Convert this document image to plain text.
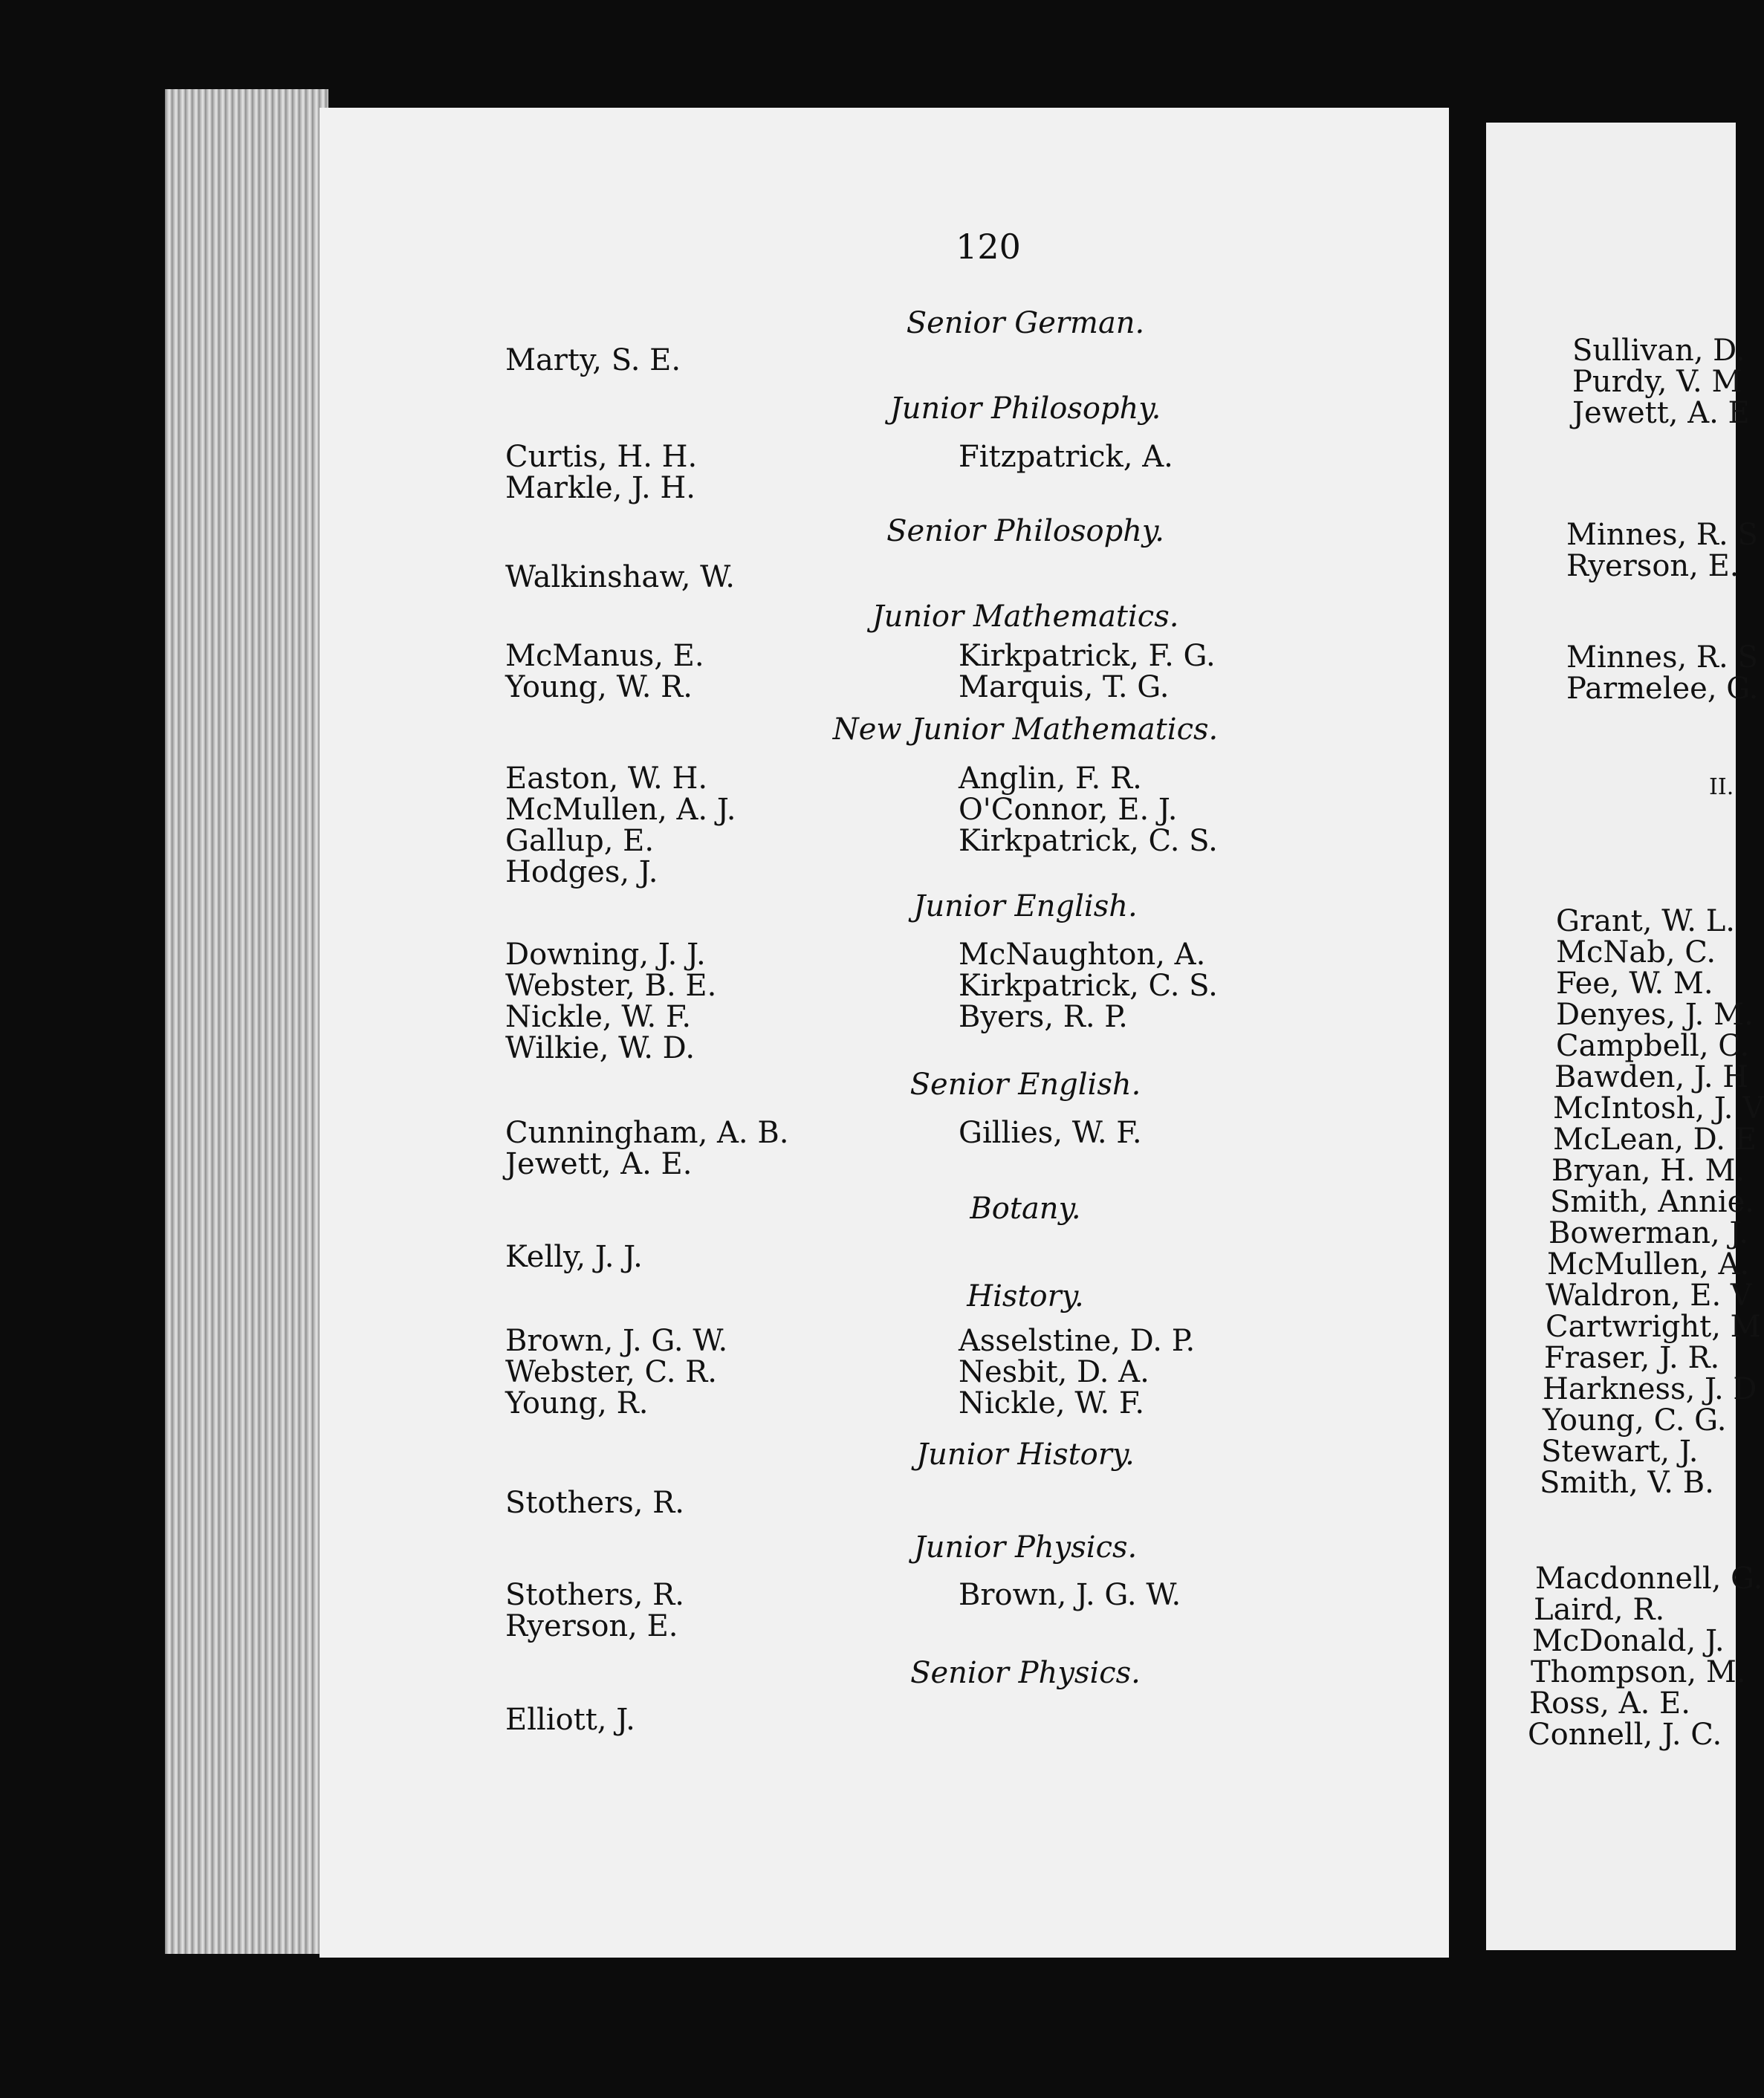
120
Senior German.
Marty, S. E.
Junior Philosophy.
Curtis, H. H.
Markle, J. H.
Fitzpatrick, A.
Senior Philosophy.
Walkinshaw, W.
Junior Mathematics.
McManus, E.
Young, W. R.
Kirkpatrick, F. G.
Marquis, T. G.
New Junior Mathematics.
Easton, W. H.
McMullen, A. J.
Gallup, E.
Hodges, J.
Anglin, F. R.
O'Connor, E. J.
Kirkpatrick, C. S.
Junior English.
Downing, J. J.
Webster, B. E.
Nickle, W. F.
Wilkie, W. D.
McNaughton, A.
Kirkpatrick, C. S.
Byers, R. P.
Senior English.
Cunningham, A. B.
Jewett, A. E.
Gillies, W. F.
Botany.
Kelly, J. J.
History.
Brown, J. G. W.
Webster, C. R.
Young, R.
Asselstine, D. P.
Nesbit, D. A.
Nickle, W. F.
Junior History.
Stothers, R.
Junior Physics.
Stothers, R.
Ryerson, E.
Brown, J. G. W.
Senior Physics.
Elliott, J.
Sullivan, D.
Purdy, V. M
Jewett, A. E
Minnes, R. S
Ryerson, E.
Minnes, R. S
Parmelee, G.
II.
Grant, W. L.
McNab, C.
Fee, W. M.
Denyes, J. M.
Campbell, C.
Bawden, J. H
McIntosh, J. V
McLean, D. E
Bryan, H. M.
Smith, Annie.
Bowerman, J.
McMullen, A.
Waldron, E. V
Cartwright, M
Fraser, J. R.
Harkness, J. D
Young, C. G.
Stewart, J.
Smith, V. B.
Macdonnell, G.
Laird, R.
McDonald, J.
Thompson, M.
Ross, A. E.
Connell, J. C.
